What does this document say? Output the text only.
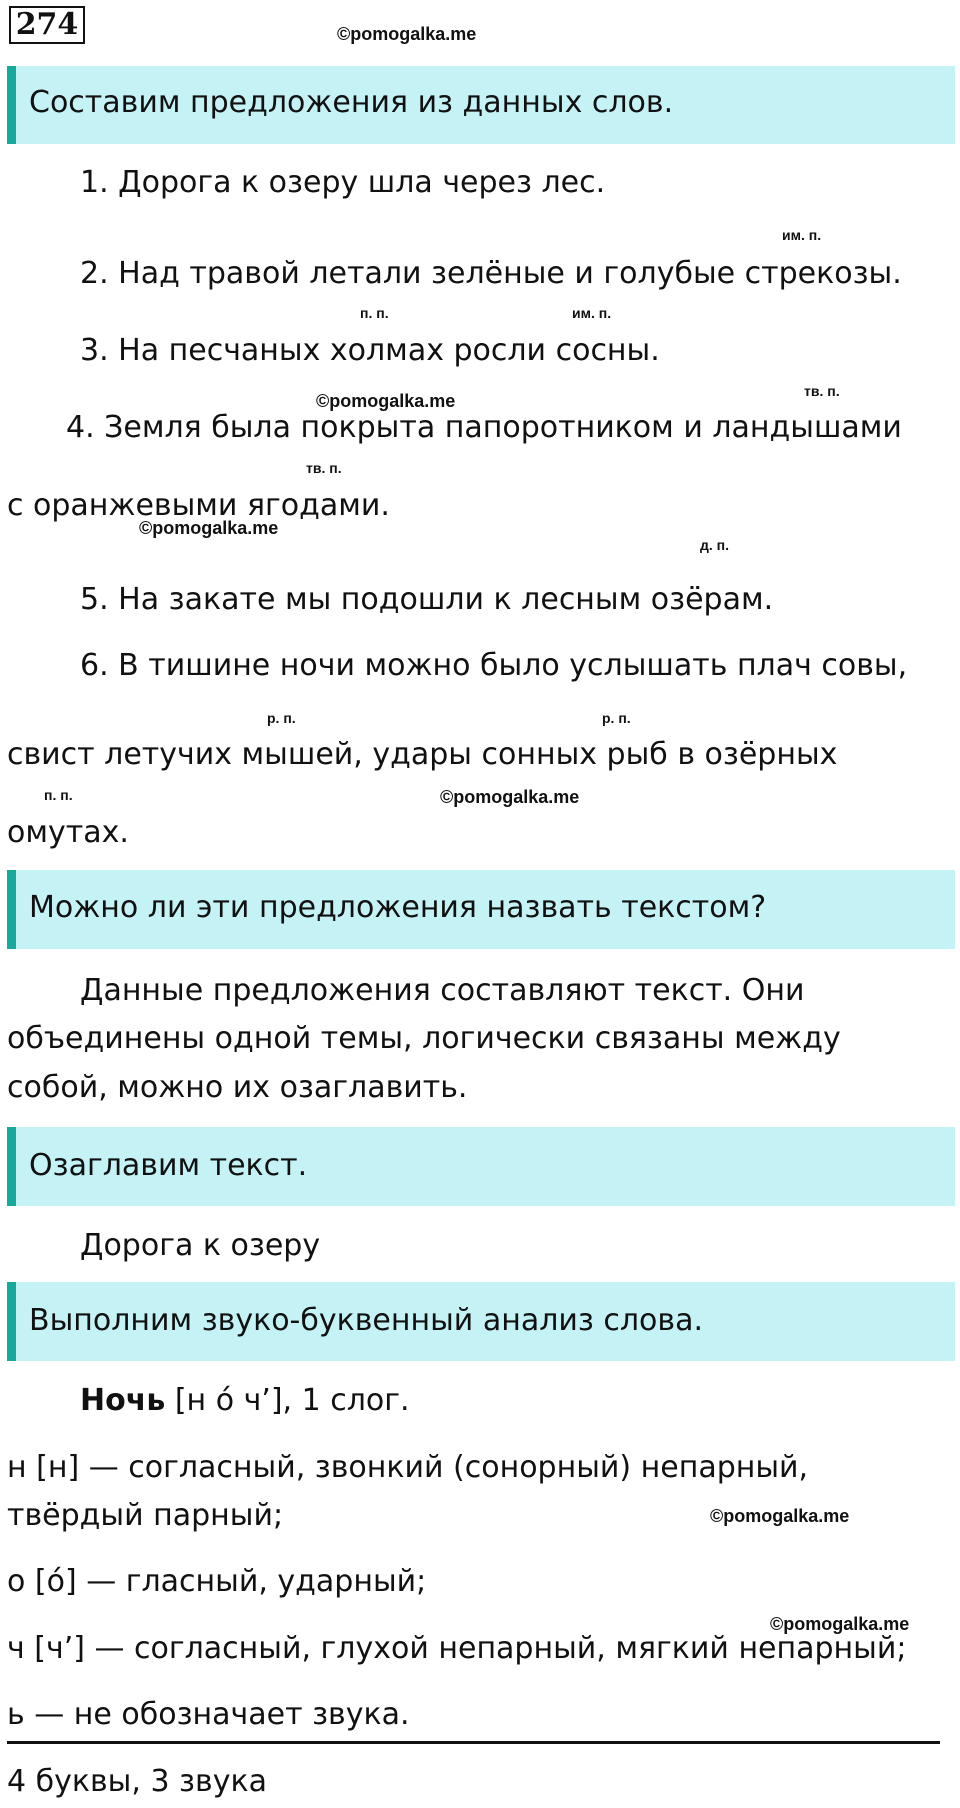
274	©pomogalka.me
Составим предложения из данных слов.
1. Дорога к озеру шла через лес.
им. п.
2. Над травой летали зелёные и голубые стрекозы.
п. п.	им. п.
3. На песчаных холмах росли сосны.
тв. п.
©pomogalka.me
4. Земля была покрыта папоротником и ландышами
тв. п.
с оранжевыми ягодами.
©pomogalka.me
д. п.
5. На закате мы подошли к лесным озёрам.
6. В тишине ночи можно было услышать плач совы,
р. п.	р. п.
свист летучих мышей, удары сонных рыб в озёрных
п. п.	©pomogalka.me
омутах.
Можно ли эти предложения назвать текстом?
Данные предложения составляют текст. Они
объединены одной темы, логически связаны между
собой, можно их озаглавить.
Озаглавим текст.
Дорога к озеру
Выполним звуко-буквенный анализ слова.
Ночь [н ó ч’], 1 слог.
н [н] — согласный, звонкий (сонорный) непарный,
твёрдый парный;	©pomogalka.me
о [ó] — гласный, ударный;
©pomogalka.me
ч [ч’] — согласный, глухой непарный, мягкий непарный;
ь — не обозначает звука.
4 буквы, 3 звука
